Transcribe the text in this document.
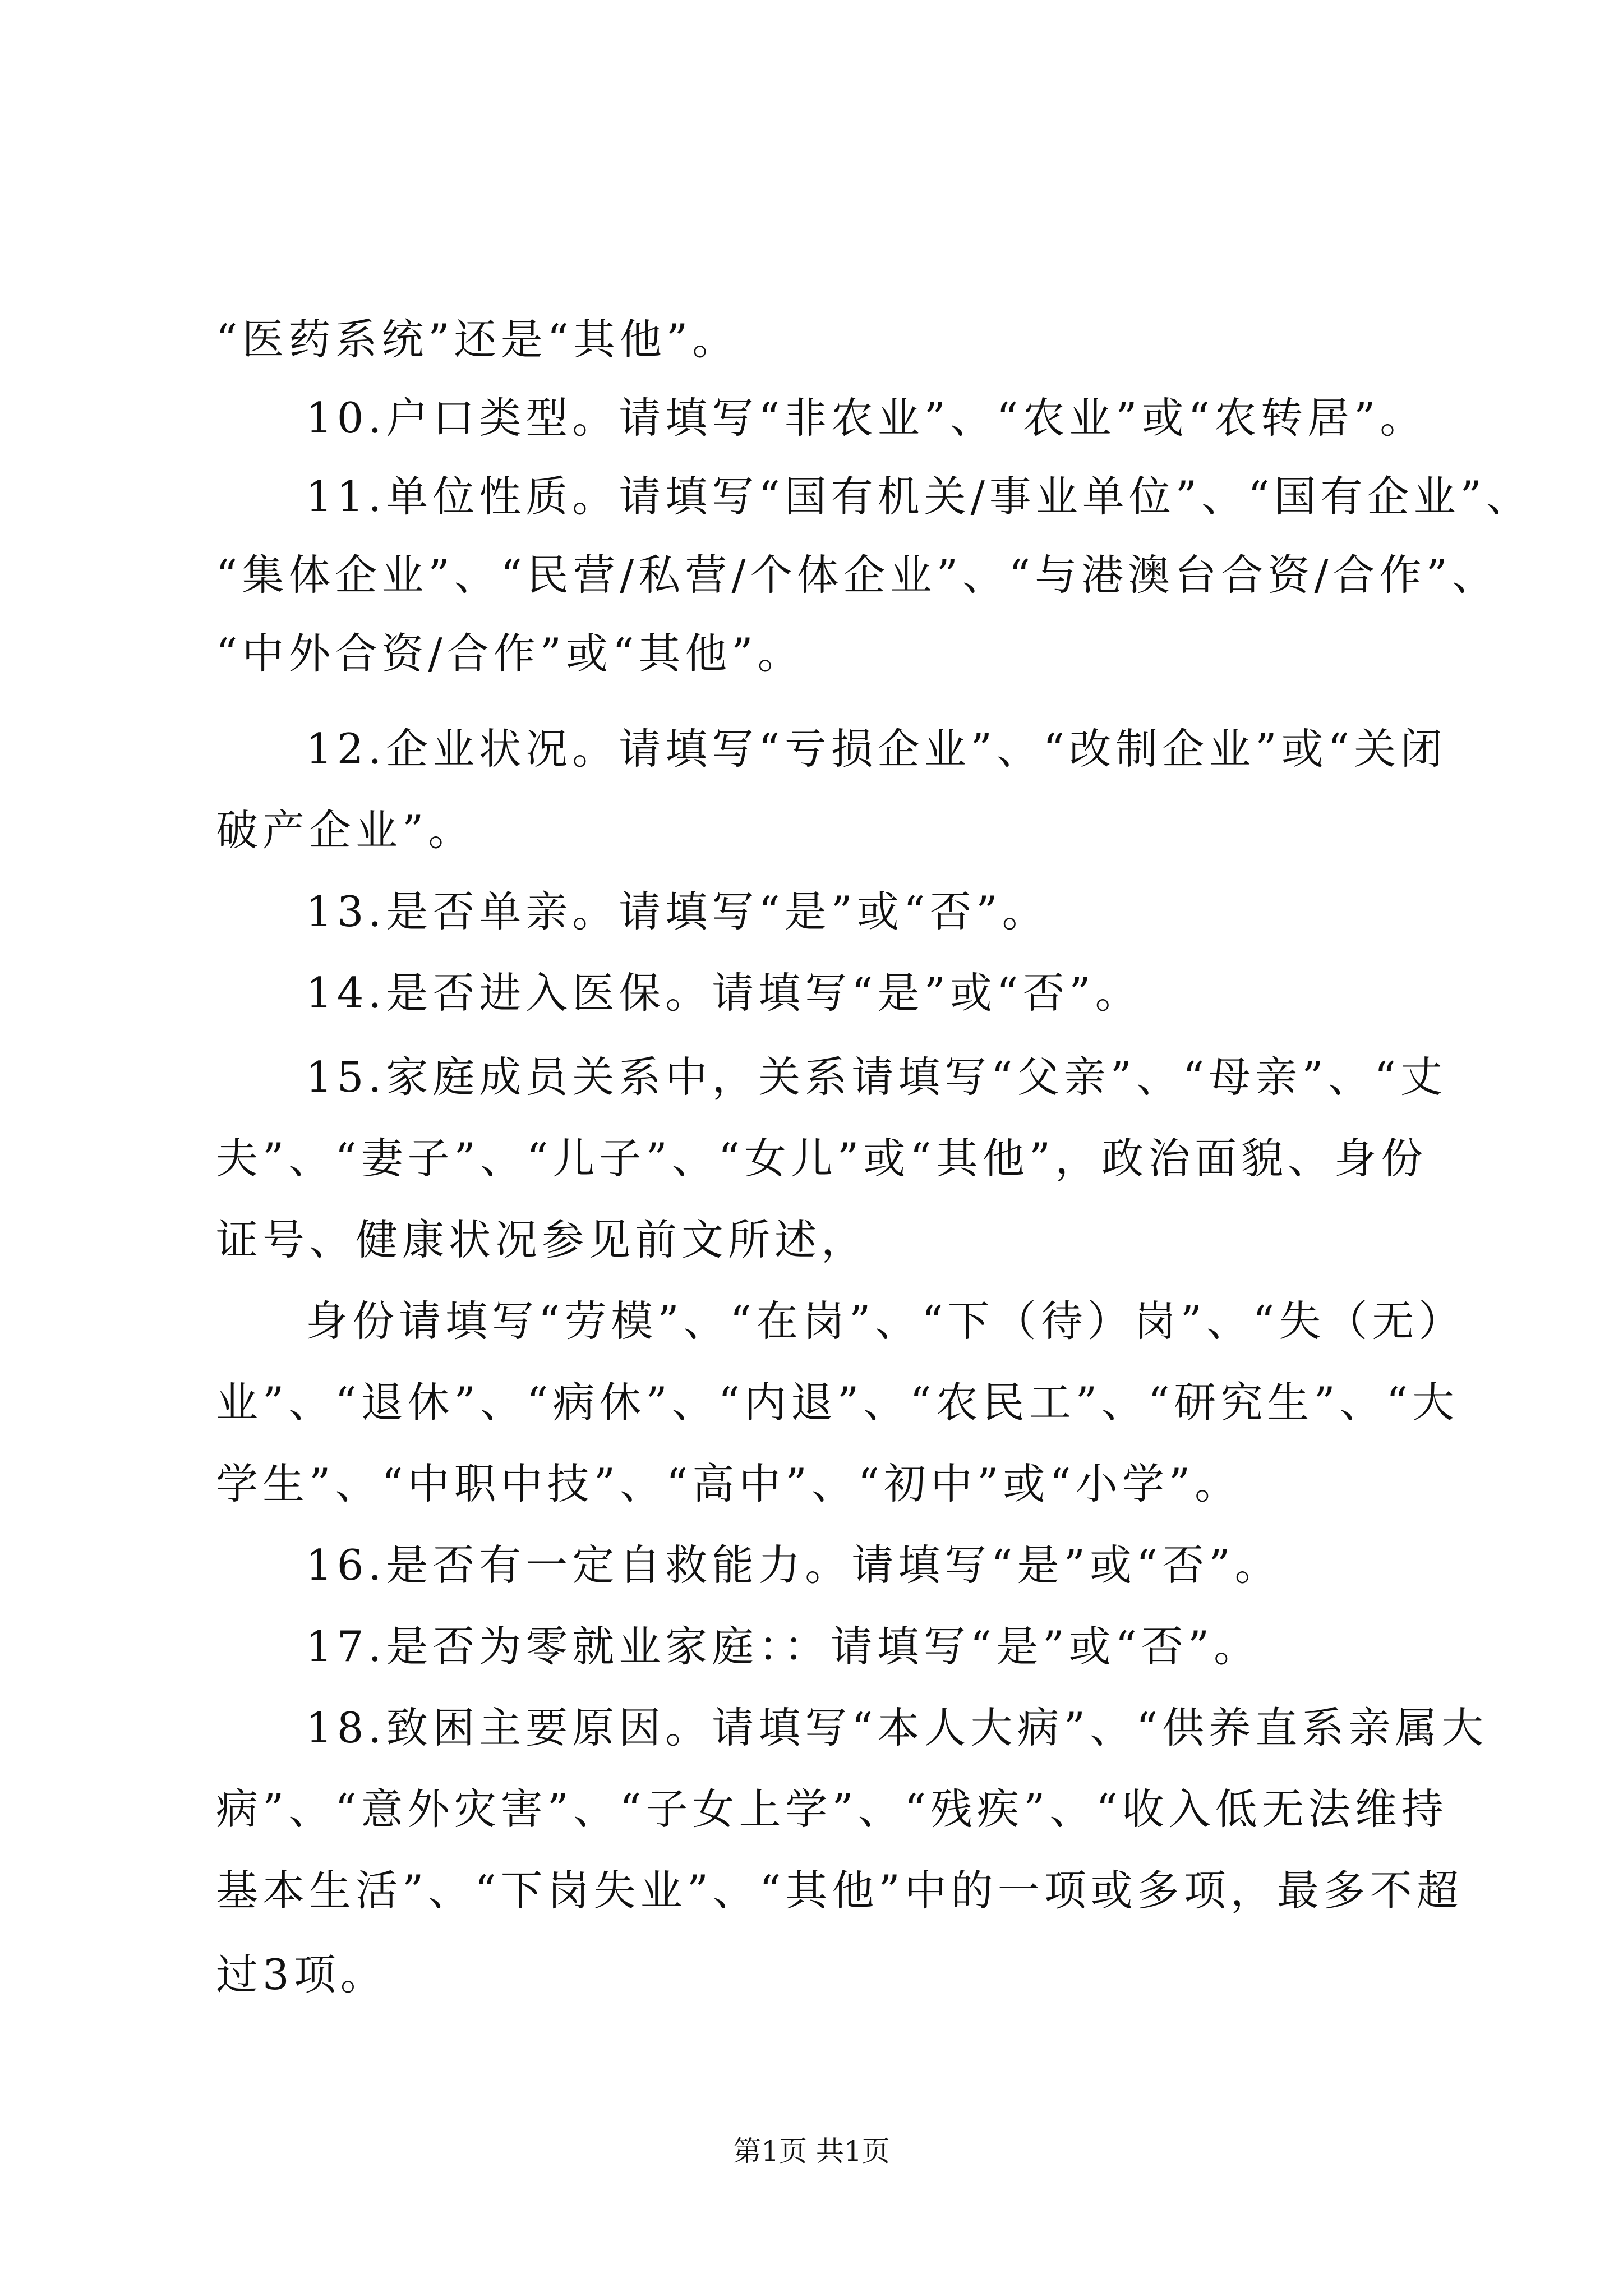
“医药系统”还是“其他”。
10.户口类型。请填写“非农业”、“农业”或“农转居”。
11.单位性质。请填写“国有机关/事业单位”、“国有企业”、
“集体企业”、“民营/私营/个体企业”、“与港澳台合资/合作”、
“中外合资/合作”或“其他”。
12.企业状况。请填写“亏损企业”、“改制企业”或“关闭
破产企业”。
13.是否单亲。请填写“是”或“否”。
14.是否进入医保。请填写“是”或“否”。
15.家庭成员关系中，关系请填写“父亲”、“母亲”、“丈
夫”、“妻子”、“儿子”、“女儿”或“其他”，政治面貌、身份
证号、健康状况参见前文所述，
身份请填写“劳模”、“在岗”、“下（待）岗”、“失（无）
业”、“退休”、“病休”、“内退”、“农民工”、“研究生”、“大
学生”、“中职中技”、“高中”、“初中”或“小学”。
16.是否有一定自救能力。请填写“是”或“否”。
17.是否为零就业家庭：：请填写“是”或“否”。
18.致困主要原因。请填写“本人大病”、“供养直系亲属大
病”、“意外灾害”、“子女上学”、“残疾”、“收入低无法维持
基本生活”、“下岗失业”、“其他”中的一项或多项，最多不超
过3项。
第1页 共1页
